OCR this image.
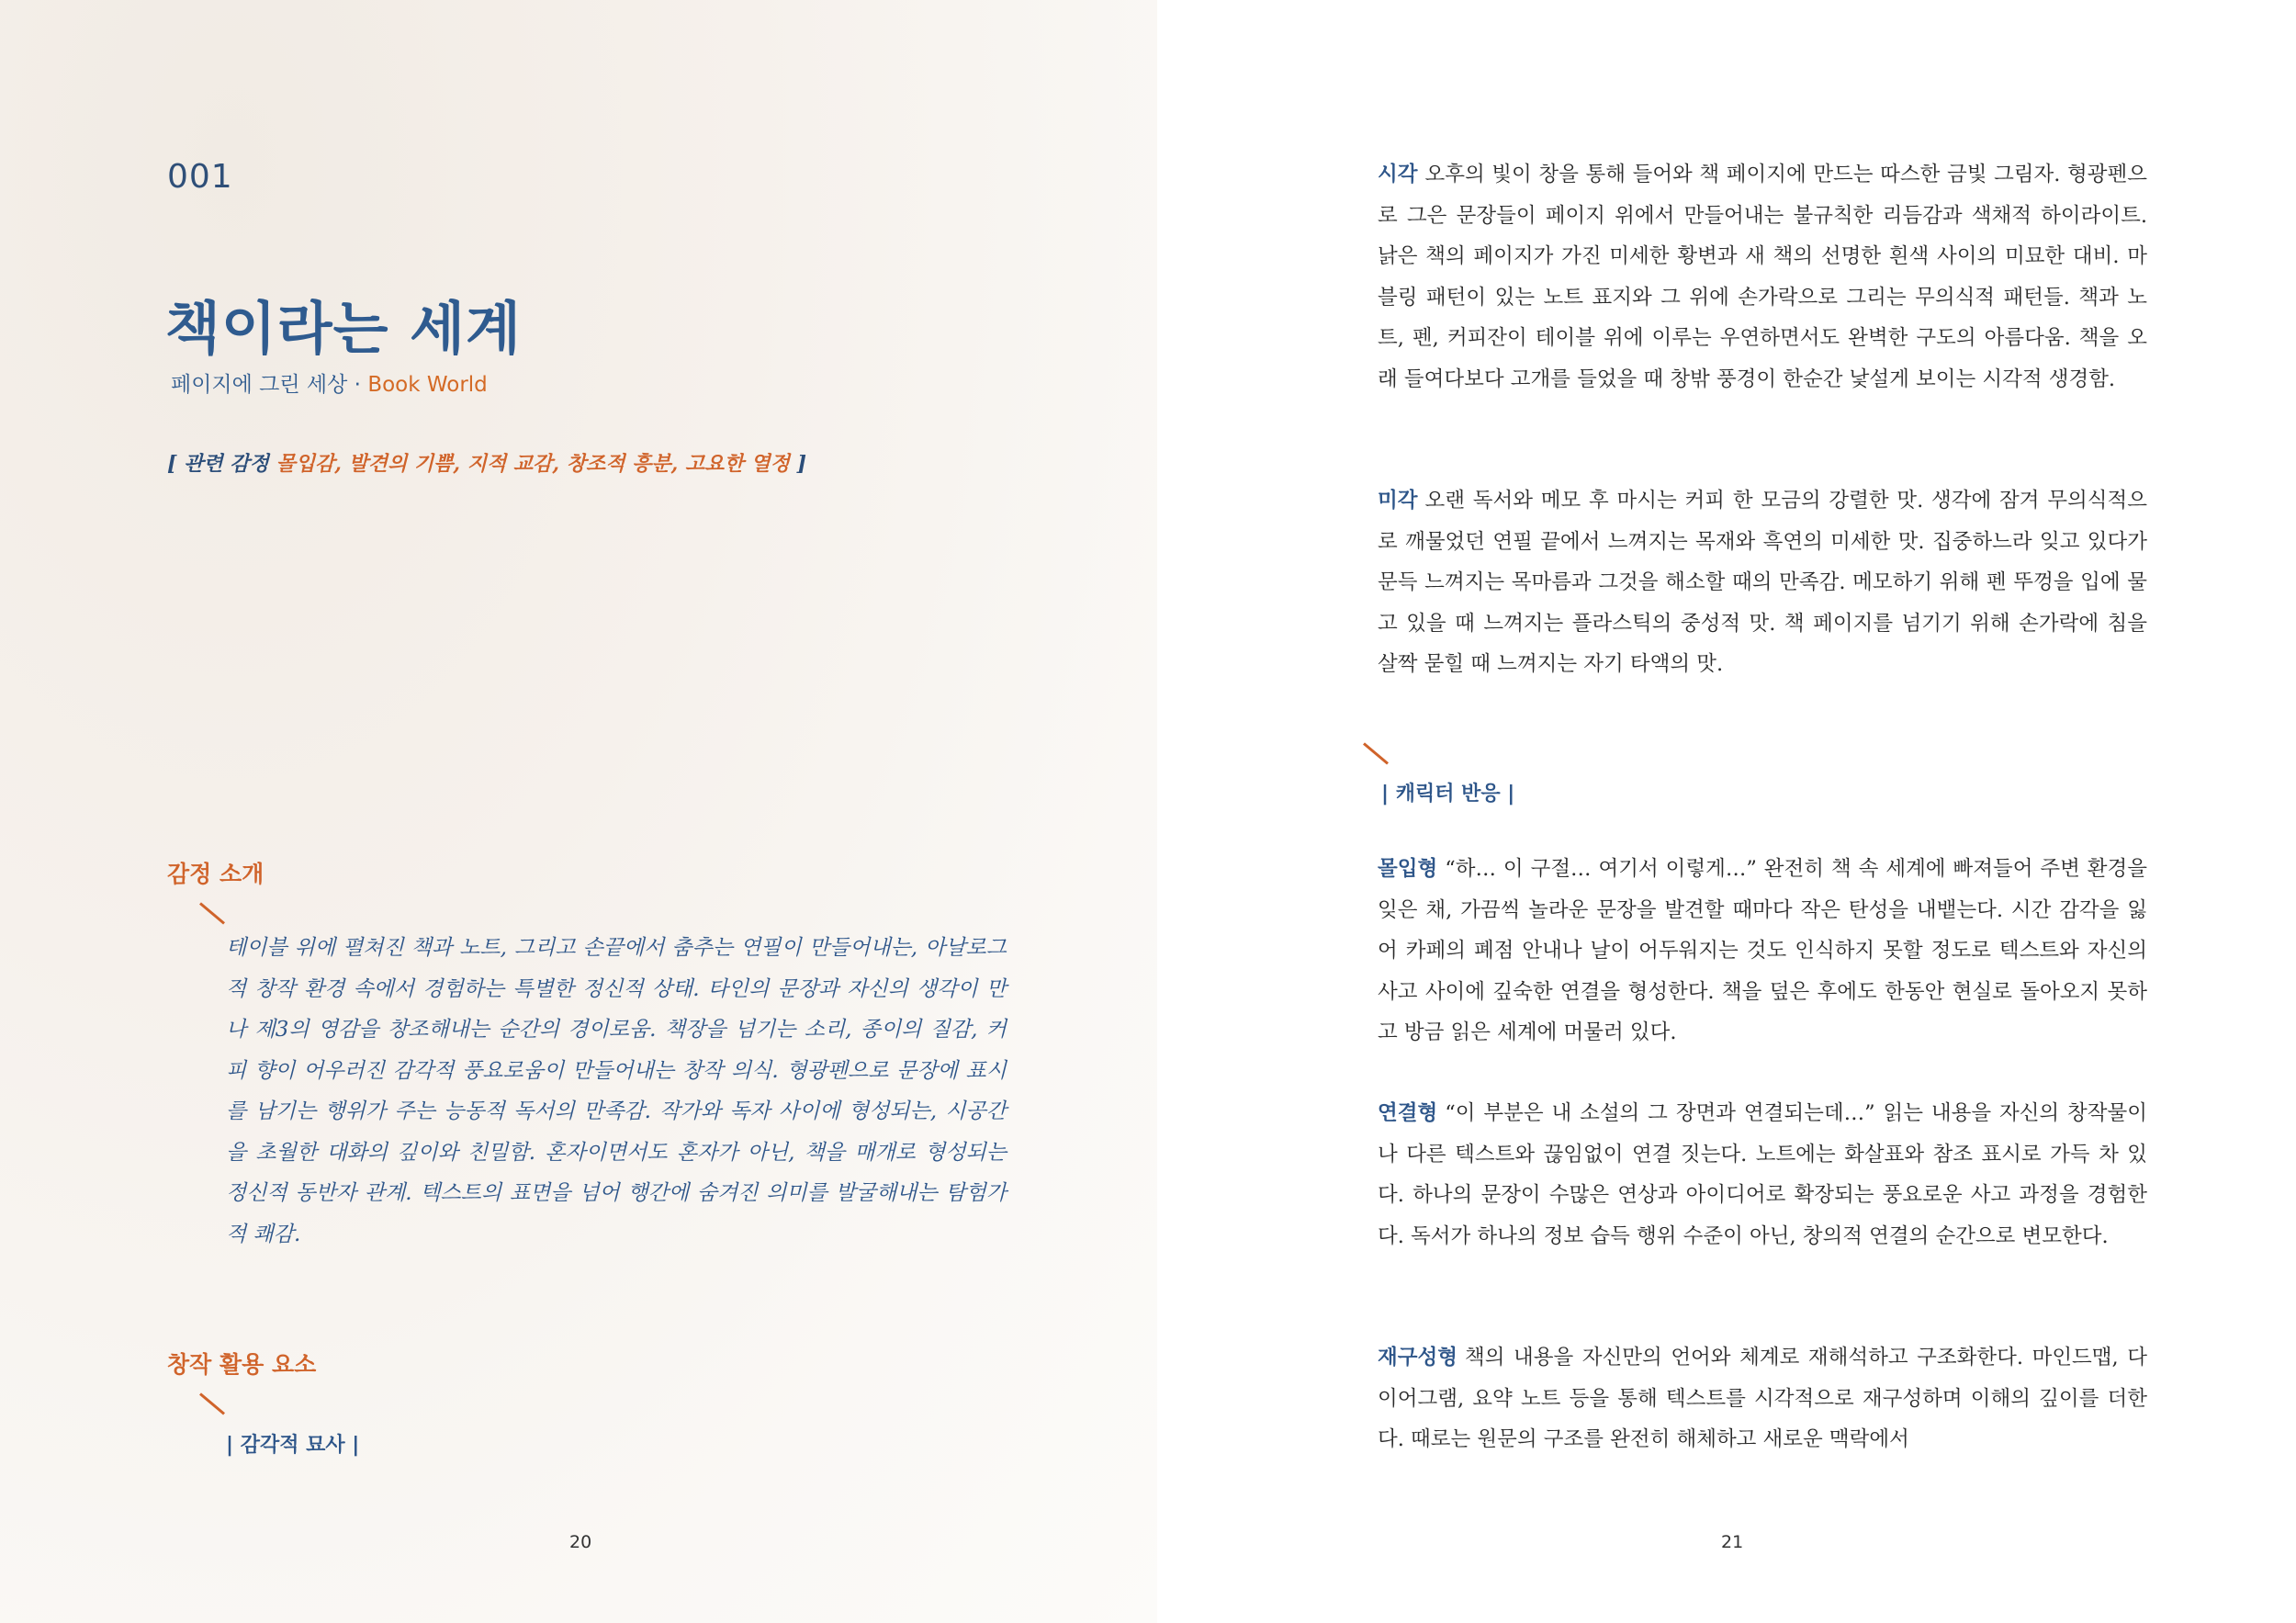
001
책이라는 세계
페이지에 그린 세상 · Book World
[ 관련 감정 몰입감, 발견의 기쁨, 지적 교감, 창조적 흥분, 고요한 열정 ]
감정 소개
테이블 위에 펼쳐진 책과 노트, 그리고 손끝에서 춤추는 연필이 만들어내는, 아날로그적 창작 환경 속에서 경험하는 특별한 정신적 상태. 타인의 문장과 자신의 생각이 만나 제3의 영감을 창조해내는 순간의 경이로움. 책장을 넘기는 소리, 종이의 질감, 커피 향이 어우러진 감각적 풍요로움이 만들어내는 창작 의식. 형광펜으로 문장에 표시를 남기는 행위가 주는 능동적 독서의 만족감. 작가와 독자 사이에 형성되는, 시공간을 초월한 대화의 깊이와 친밀함. 혼자이면서도 혼자가 아닌, 책을 매개로 형성되는 정신적 동반자 관계. 텍스트의 표면을 넘어 행간에 숨겨진 의미를 발굴해내는 탐험가적 쾌감.
창작 활용 요소
| 감각적 묘사 |
20
시각 오후의 빛이 창을 통해 들어와 책 페이지에 만드는 따스한 금빛 그림자. 형광펜으로 그은 문장들이 페이지 위에서 만들어내는 불규칙한 리듬감과 색채적 하이라이트. 낡은 책의 페이지가 가진 미세한 황변과 새 책의 선명한 흰색 사이의 미묘한 대비. 마블링 패턴이 있는 노트 표지와 그 위에 손가락으로 그리는 무의식적 패턴들. 책과 노트, 펜, 커피잔이 테이블 위에 이루는 우연하면서도 완벽한 구도의 아름다움. 책을 오래 들여다보다 고개를 들었을 때 창밖 풍경이 한순간 낯설게 보이는 시각적 생경함.
미각 오랜 독서와 메모 후 마시는 커피 한 모금의 강렬한 맛. 생각에 잠겨 무의식적으로 깨물었던 연필 끝에서 느껴지는 목재와 흑연의 미세한 맛. 집중하느라 잊고 있다가 문득 느껴지는 목마름과 그것을 해소할 때의 만족감. 메모하기 위해 펜 뚜껑을 입에 물고 있을 때 느껴지는 플라스틱의 중성적 맛. 책 페이지를 넘기기 위해 손가락에 침을 살짝 묻힐 때 느껴지는 자기 타액의 맛.
| 캐릭터 반응 |
몰입형 “하… 이 구절… 여기서 이렇게…” 완전히 책 속 세계에 빠져들어 주변 환경을 잊은 채, 가끔씩 놀라운 문장을 발견할 때마다 작은 탄성을 내뱉는다. 시간 감각을 잃어 카페의 폐점 안내나 날이 어두워지는 것도 인식하지 못할 정도로 텍스트와 자신의 사고 사이에 깊숙한 연결을 형성한다. 책을 덮은 후에도 한동안 현실로 돌아오지 못하고 방금 읽은 세계에 머물러 있다.
연결형 “이 부분은 내 소설의 그 장면과 연결되는데…” 읽는 내용을 자신의 창작물이나 다른 텍스트와 끊임없이 연결 짓는다. 노트에는 화살표와 참조 표시로 가득 차 있다. 하나의 문장이 수많은 연상과 아이디어로 확장되는 풍요로운 사고 과정을 경험한다. 독서가 하나의 정보 습득 행위 수준이 아닌, 창의적 연결의 순간으로 변모한다.
재구성형 책의 내용을 자신만의 언어와 체계로 재해석하고 구조화한다. 마인드맵, 다이어그램, 요약 노트 등을 통해 텍스트를 시각적으로 재구성하며 이해의 깊이를 더한다. 때로는 원문의 구조를 완전히 해체하고 새로운 맥락에서
21
